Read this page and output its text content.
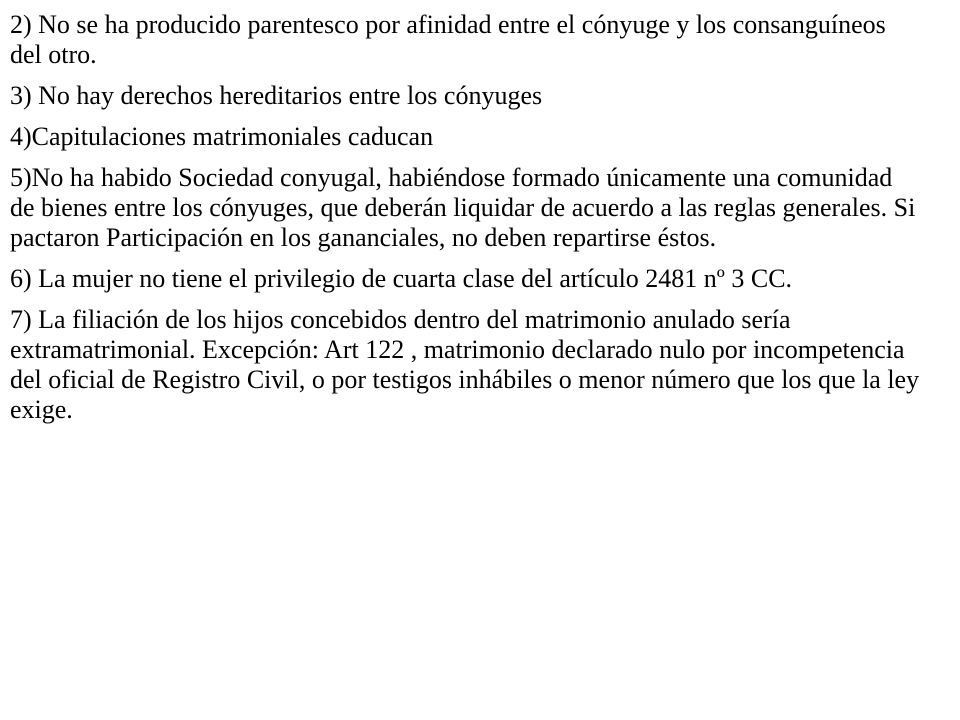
2) No se ha producido parentesco por afinidad entre el cónyuge y los consanguíneos del otro.

3) No hay derechos hereditarios entre los cónyuges

4)Capitulaciones matrimoniales caducan

5)No ha habido Sociedad conyugal, habiéndose formado únicamente una comunidad de bienes entre los cónyuges, que deberán liquidar de acuerdo a las reglas generales. Si pactaron Participación en los gananciales, no deben repartirse éstos.

6) La mujer no tiene el privilegio de cuarta clase del artículo 2481 nº 3 CC.

7) La filiación de los hijos concebidos dentro del matrimonio anulado sería extramatrimonial. Excepción: Art 122 , matrimonio declarado nulo por incompetencia del oficial de Registro Civil, o por testigos inhábiles o menor número que los que la ley exige.
